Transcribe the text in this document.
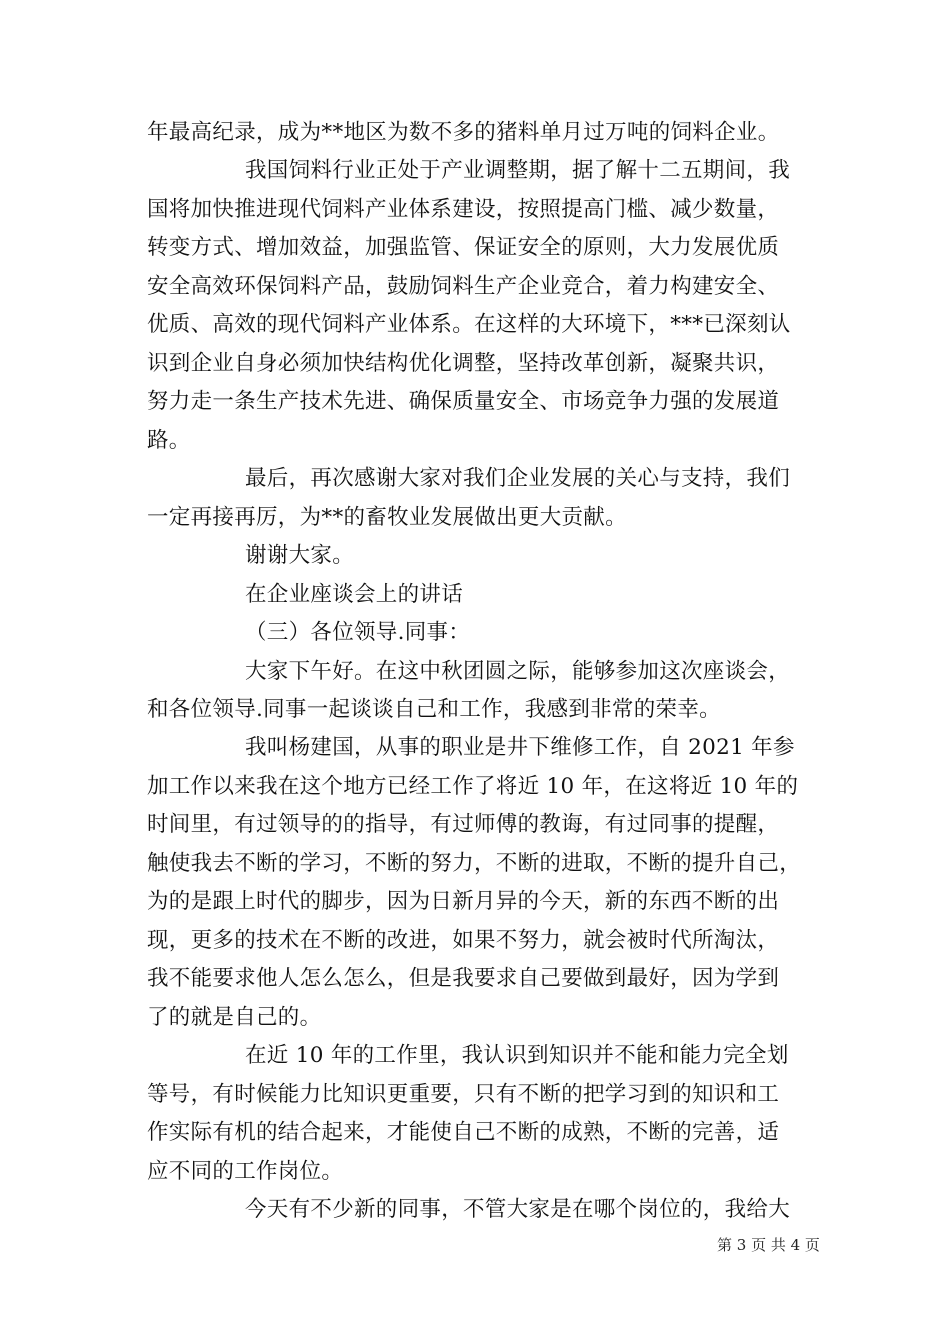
年最高纪录，成为**地区为数不多的猪料单月过万吨的饲料企业。
我国饲料行业正处于产业调整期，据了解十二五期间，我
国将加快推进现代饲料产业体系建设，按照提高门槛、减少数量，
转变方式、增加效益，加强监管、保证安全的原则，大力发展优质
安全高效环保饲料产品，鼓励饲料生产企业竞合，着力构建安全、
优质、高效的现代饲料产业体系。在这样的大环境下，***已深刻认
识到企业自身必须加快结构优化调整，坚持改革创新，凝聚共识，
努力走一条生产技术先进、确保质量安全、市场竞争力强的发展道
路。
最后，再次感谢大家对我们企业发展的关心与支持，我们
一定再接再厉，为**的畜牧业发展做出更大贡献。
谢谢大家。
在企业座谈会上的讲话
（三）各位领导.同事：
大家下午好。在这中秋团圆之际，能够参加这次座谈会，
和各位领导.同事一起谈谈自己和工作，我感到非常的荣幸。
我叫杨建国，从事的职业是井下维修工作，自 2021 年参
加工作以来我在这个地方已经工作了将近 10 年，在这将近 10 年的
时间里，有过领导的的指导，有过师傅的教诲，有过同事的提醒，
触使我去不断的学习，不断的努力，不断的进取，不断的提升自己，
为的是跟上时代的脚步，因为日新月异的今天，新的东西不断的出
现，更多的技术在不断的改进，如果不努力，就会被时代所淘汰，
我不能要求他人怎么怎么，但是我要求自己要做到最好，因为学到
了的就是自己的。
在近 10 年的工作里，我认识到知识并不能和能力完全划
等号，有时候能力比知识更重要，只有不断的把学习到的知识和工
作实际有机的结合起来，才能使自己不断的成熟，不断的完善，适
应不同的工作岗位。
今天有不少新的同事，不管大家是在哪个岗位的，我给大
第 3 页 共 4 页
